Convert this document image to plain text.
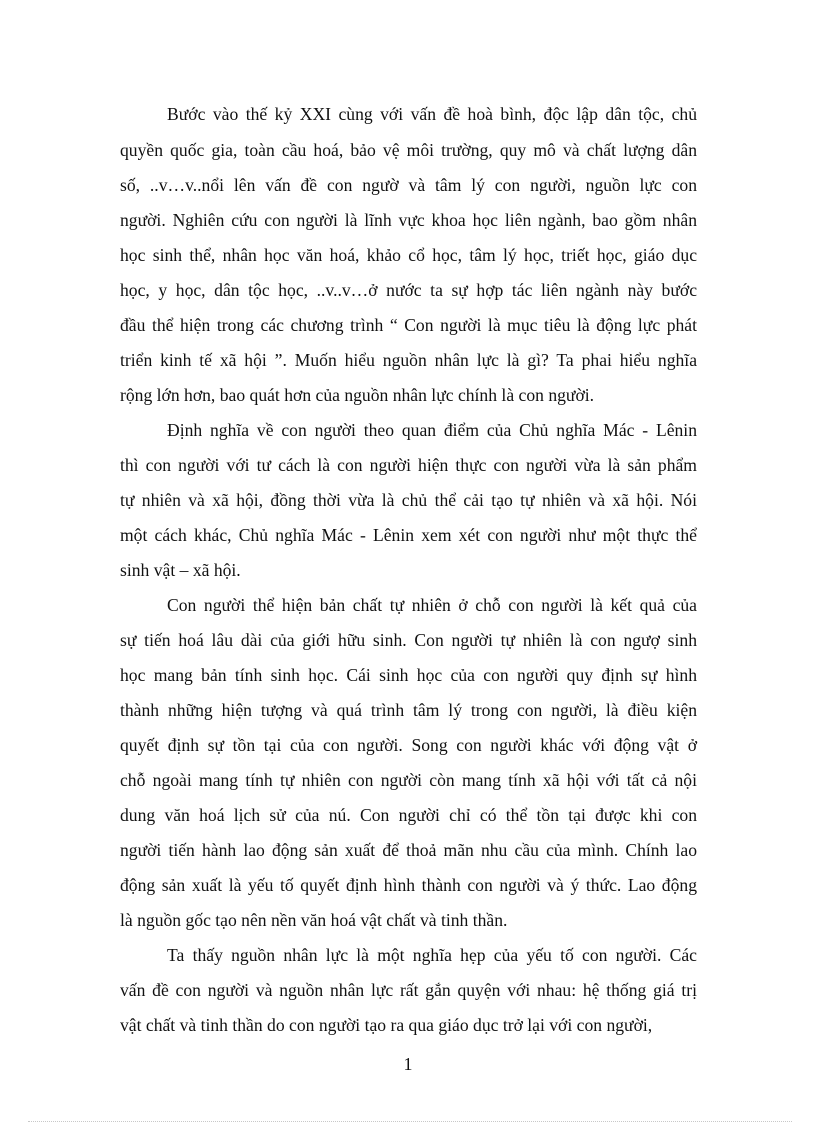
Bước vào thế kỷ XXI cùng với vấn đề hoà bình, độc lập dân tộc, chủ

quyền quốc gia, toàn cầu hoá, bảo vệ môi trường, quy mô và chất lượng dân

số, ..v…v..nổi lên vấn đề con ngườ và tâm lý con người, nguồn lực con

người. Nghiên cứu con người là lĩnh vực khoa học liên ngành, bao gồm nhân

học sinh thể, nhân học văn hoá, khảo cổ học, tâm lý học, triết học, giáo dục

học, y học, dân tộc học, ..v..v…ở nước ta sự hợp tác liên ngành này bước

đầu thể hiện trong các chương trình “ Con người là mục tiêu là động lực phát

triển kinh tế xã hội ”. Muốn hiểu nguồn nhân lực là gì? Ta phai hiểu nghĩa

rộng lớn hơn, bao quát hơn của nguồn nhân lực chính là con người.

Định nghĩa về con người theo quan điểm của Chủ nghĩa Mác - Lênin

thì con người với tư cách là con người hiện thực con người vừa là sản phẩm

tự nhiên và xã hội, đồng thời vừa là chủ thể cải tạo tự nhiên và xã hội. Nói

một cách khác, Chủ nghĩa Mác - Lênin xem xét con người như một thực thể

sinh vật – xã hội.

Con người thể hiện bản chất tự nhiên ở chỗ con người là kết quả của

sự tiến hoá lâu dài của giới hữu sinh. Con người tự nhiên là con ngượ sinh

học mang bản tính sinh học. Cái sinh học của con người quy định sự hình

thành những hiện tượng và quá trình tâm lý trong con người, là điều kiện

quyết định sự tồn tại của con người. Song con người khác với động vật ở

chỗ ngoài mang tính tự nhiên con người còn mang tính xã hội với tất cả nội

dung văn hoá lịch sử của nú. Con người chỉ có thể tồn tại được khi con

người tiến hành lao động sản xuất để thoả mãn nhu cầu của mình. Chính lao

động sản xuất là yếu tố quyết định hình thành con người và ý thức. Lao động

là nguồn gốc tạo nên nền văn hoá vật chất và tinh thần.

Ta thấy nguồn nhân lực là một nghĩa hẹp của yếu tố con người. Các

vấn đề con người và nguồn nhân lực rất gắn quyện với nhau: hệ thống giá trị

vật chất và tinh thần do con người tạo ra qua giáo dục trở lại với con người,

1
